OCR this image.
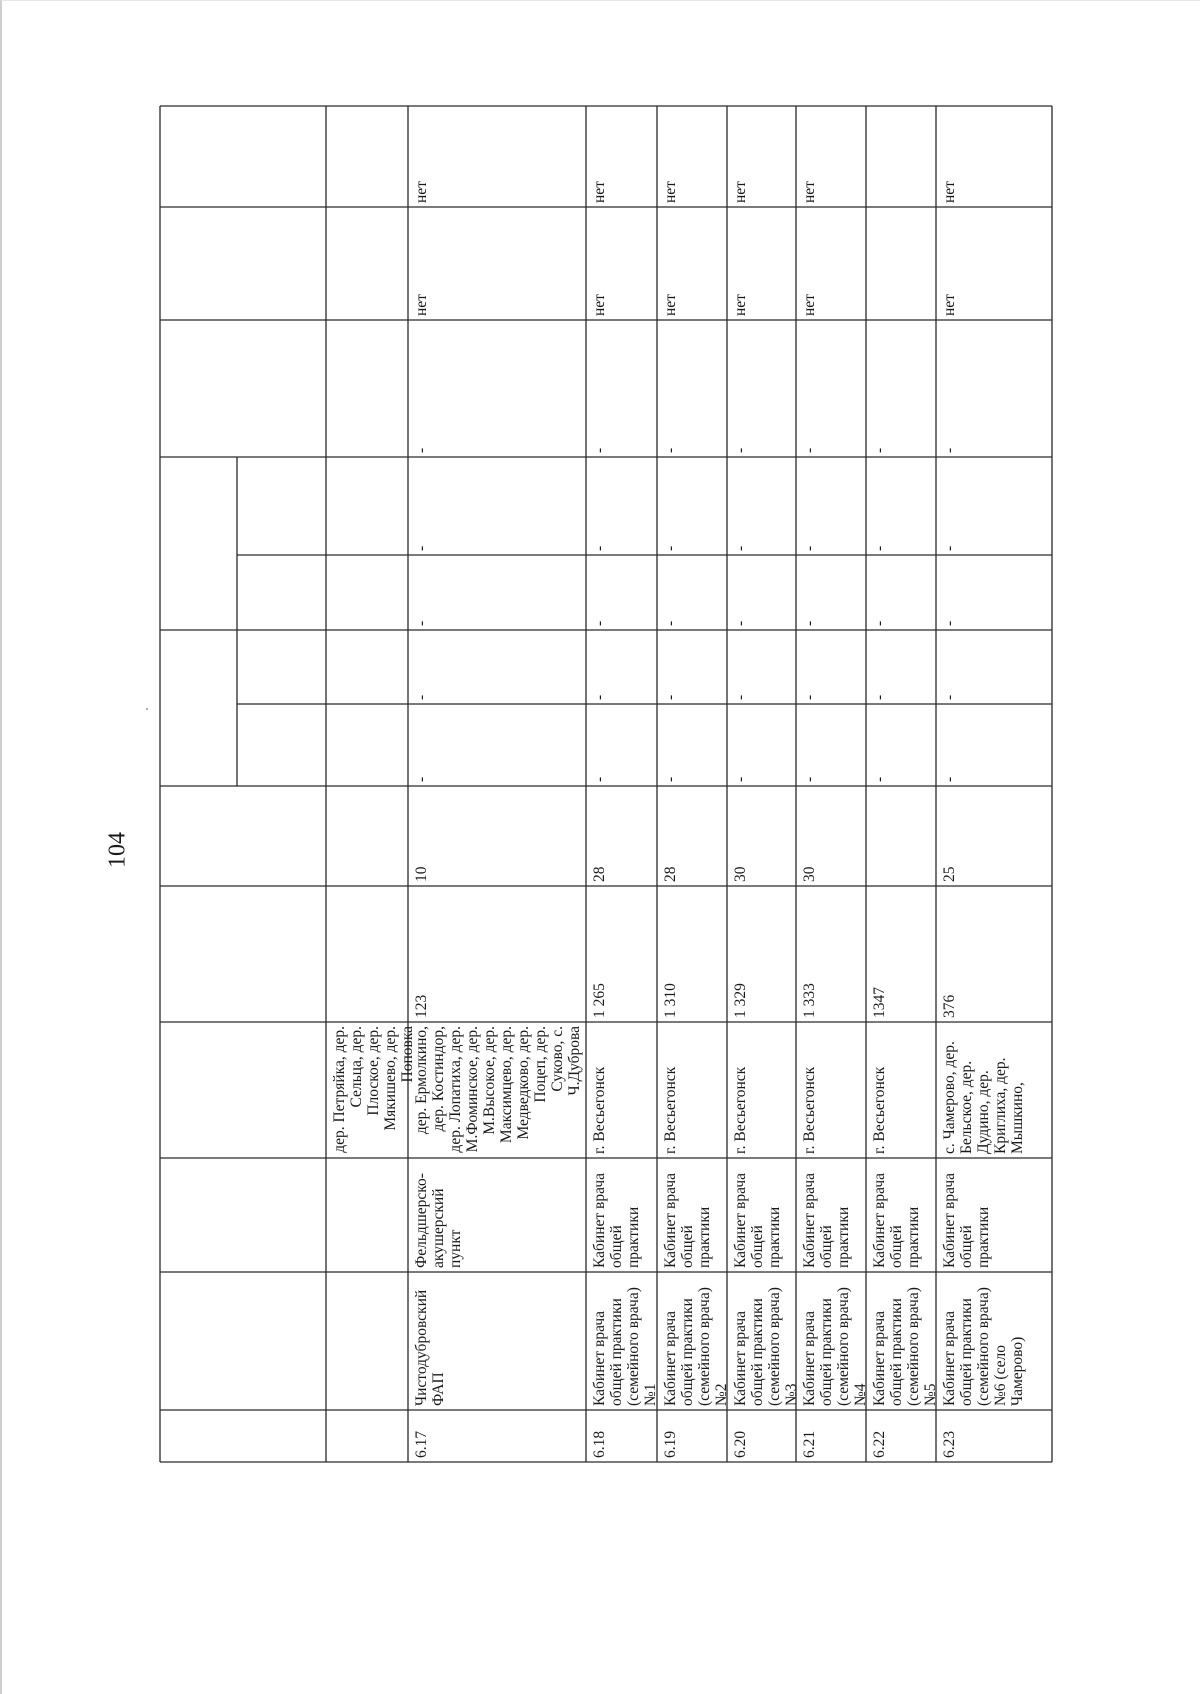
104
дер. Петряйка, дер. Сельца, дер. Плоское, дер. Мякишево, дер. Поповка
6.17
Чистодубровский ФАП
Фельдшерско-акушерский пункт
дер. Ермолкино, дер. Костиндор, дер. Лопатиха, дер. М.Фоминское, дер. М.Высокое, дер. Максимцево, дер. Медведково, дер. Поцеп, дер. Суково, с. Ч.Дуброва
123
10
-
-
-
-
-
нет
нет
6.18
Кабинет врача общей практики (семейного врача) №1
Кабинет врача общей практики
г. Весьегонск
1 265
28
-
-
-
-
-
нет
нет
6.19
Кабинет врача общей практики (семейного врача) №2
Кабинет врача общей практики
г. Весьегонск
1 310
28
-
-
-
-
-
нет
нет
6.20
Кабинет врача общей практики (семейного врача) №3
Кабинет врача общей практики
г. Весьегонск
1 329
30
-
-
-
-
-
нет
нет
6.21
Кабинет врача общей практики (семейного врача) №4
Кабинет врача общей практики
г. Весьегонск
1 333
30
-
-
-
-
-
нет
нет
6.22
Кабинет врача общей практики (семейного врача) №5
Кабинет врача общей практики
г. Весьегонск
1347
-
-
-
-
-
6.23
Кабинет врача общей практики (семейного врача) №6 (село Чамерово)
Кабинет врача общей практики
с. Чамерово, дер. Бельское, дер. Дудино, дер. Криглиха, дер. Мышкино,
376
25
-
-
-
-
-
нет
нет
